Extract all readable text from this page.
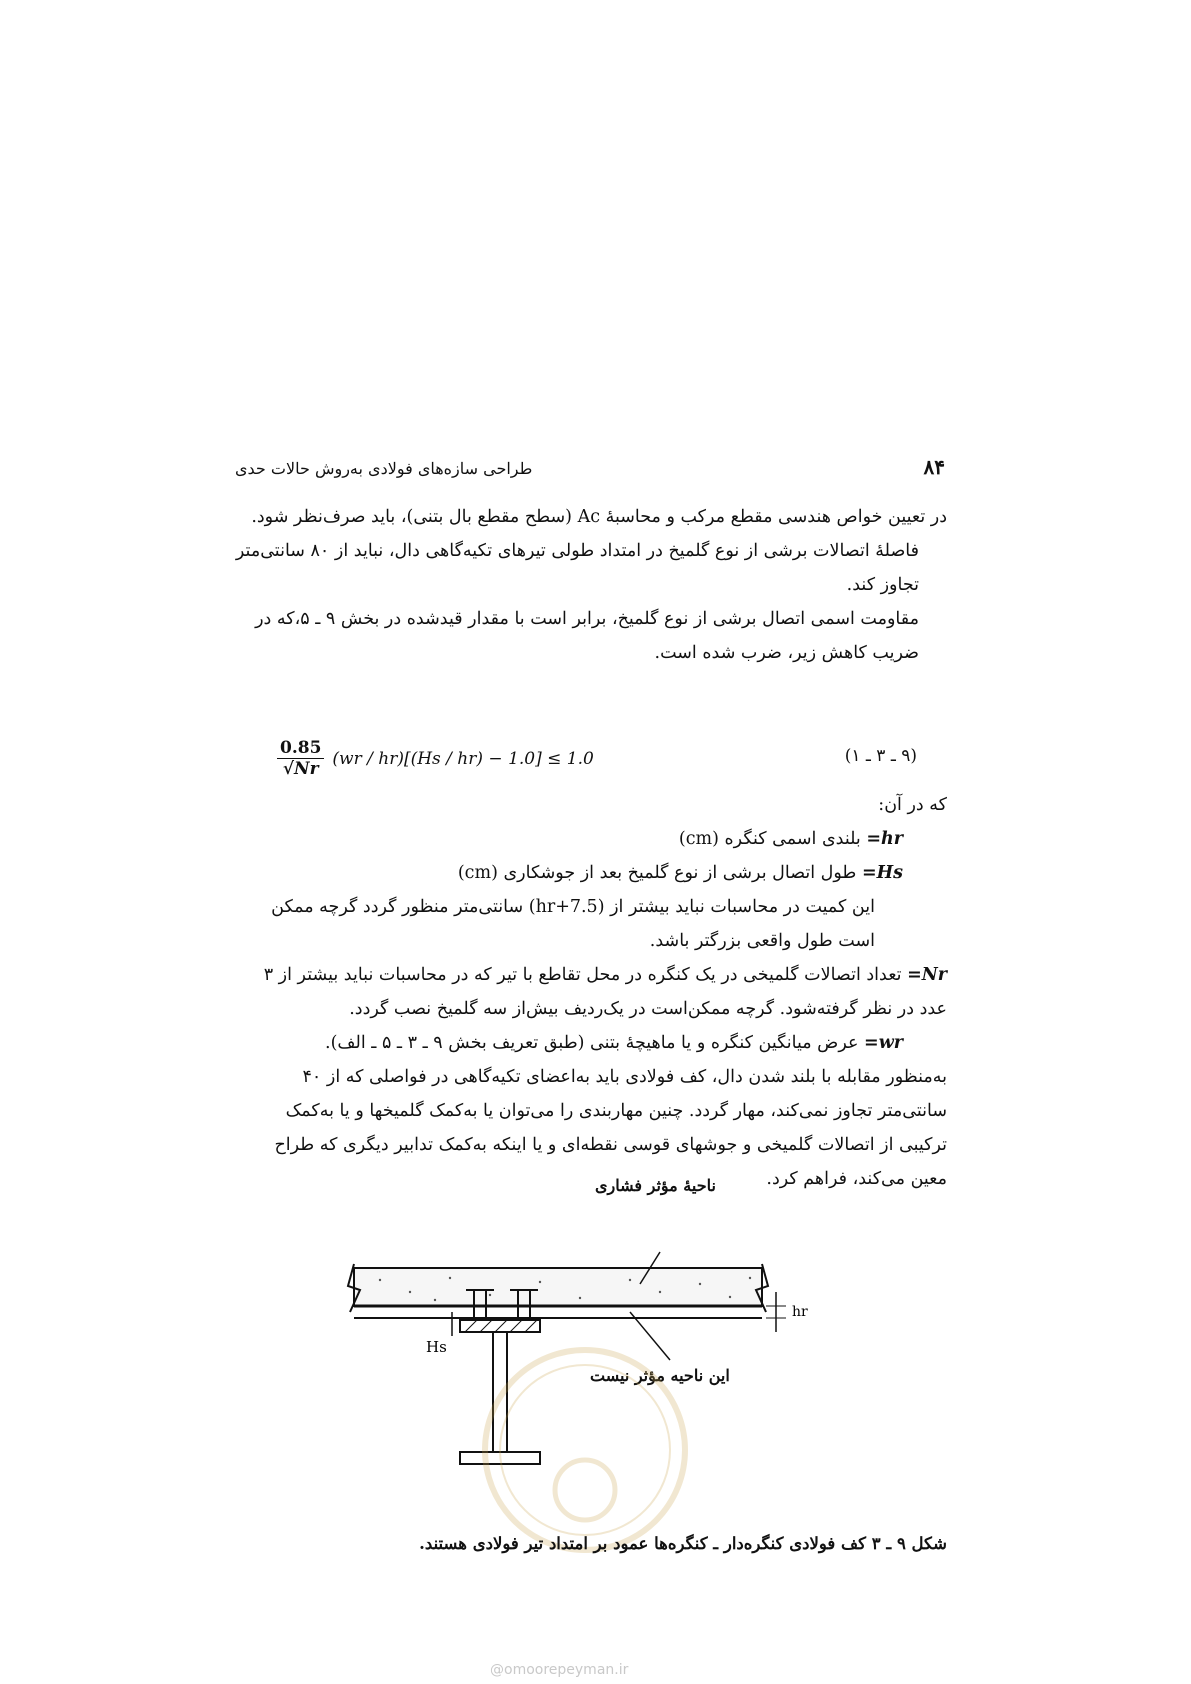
طراحی سازه‌های فولادی به‌روش حالات حدی	۸۴

در تعیین خواص هندسی مقطع مرکب و محاسبهٔ Ac (سطح مقطع بال بتنی)، باید صرف‌نظر شود.

فاصلهٔ اتصالات برشی از نوع گلمیخ در امتداد طولی تیرهای تکیه‌گاهی دال، نباید از ۸۰ سانتی‌متر تجاوز کند.

مقاومت اسمی اتصال برشی از نوع گلمیخ، برابر است با مقدار قیدشده در بخش ۹ ـ ۵،که در ضریب کاهش زیر، ضرب شده است.

$\frac{0.85}{√Nr} (wr / hr)[(Hs / hr) - 1.0] \le 1.0$	(۹ ـ ۳ ـ ۱)
که در آن:
hr= بلندی اسمی کنگره (cm)
Hs= طول اتصال برشی از نوع گلمیخ بعد از جوشکاری (cm)
این کمیت در محاسبات نباید بیشتر از (hr+7.5) سانتی‌متر منظور گردد گرچه ممکن است طول واقعی بزرگتر باشد.
Nr= تعداد اتصالات گلمیخی در یک کنگره در محل تقاطع با تیر که در محاسبات نباید بیشتر از ۳ عدد در نظر گرفته‌شود. گرچه ممکن‌است در یک‌ردیف بیش‌از سه گلمیخ نصب گردد.
wr= عرض میانگین کنگره و یا ماهیچهٔ بتنی (طبق تعریف بخش ۹ ـ ۳ ـ ۵ ـ الف).
به‌منظور مقابله با بلند شدن دال، کف فولادی باید به‌اعضای تکیه‌گاهی در فواصلی که از ۴۰ سانتی‌متر تجاوز نمی‌کند، مهار گردد. چنین مهاربندی را می‌توان یا به‌کمک گلمیخها و یا به‌کمک ترکیبی از اتصالات گلمیخی و جوشهای قوسی نقطه‌ای و یا اینکه به‌کمک تدابیر دیگری که طراح معین می‌کند، فراهم کرد.
Hs
hr
ناحیهٔ مؤثر فشاری
این ناحیه مؤثر نیست
شکل ۹ ـ ۳ کف فولادی کنگره‌دار ـ کنگره‌ها عمود بر امتداد تیر فولادی هستند.
@omoorepeyman.ir
